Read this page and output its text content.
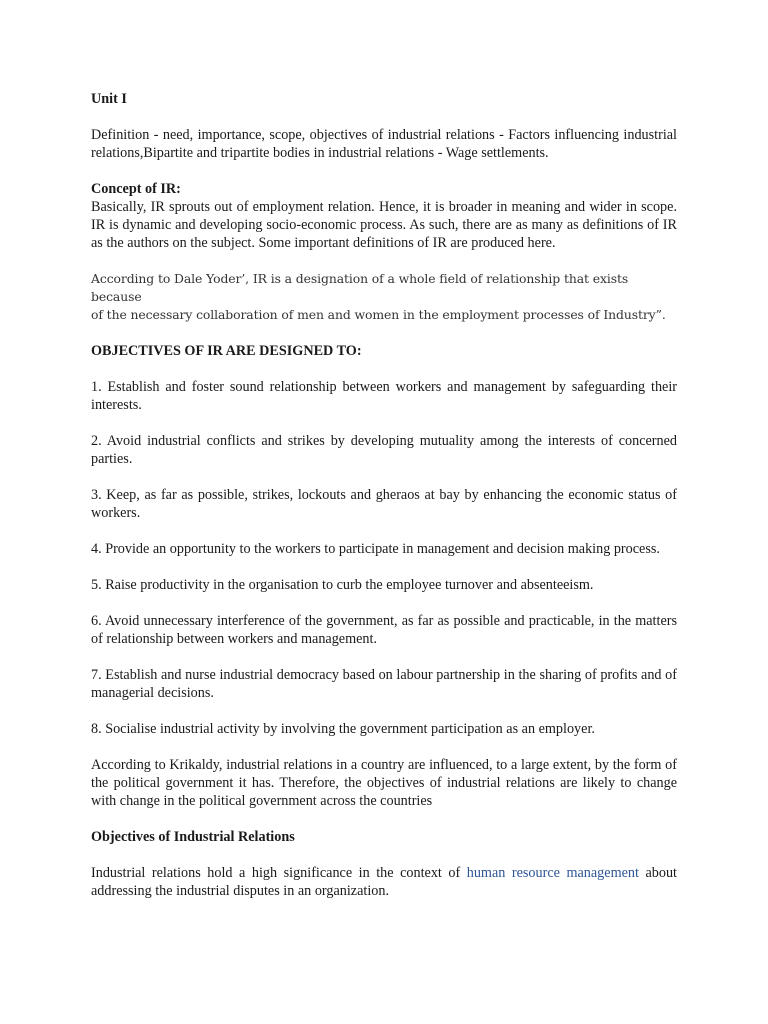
Unit I

Definition - need, importance, scope, objectives of industrial relations - Factors influencing industrial relations,Bipartite and tripartite bodies in industrial relations - Wage settlements.

Concept of IR:

Basically, IR sprouts out of employment relation. Hence, it is broader in meaning and wider in scope. IR is dynamic and developing socio-economic process. As such, there are as many as definitions of IR as the authors on the subject. Some important definitions of IR are produced here.

According to Dale Yoder’, IR is a designation of a whole field of relationship that exists because
of the necessary collaboration of men and women in the employment processes of Industry”.

OBJECTIVES OF IR ARE DESIGNED TO:

1. Establish and foster sound relationship between workers and management by safeguarding their interests.

2. Avoid industrial conflicts and strikes by developing mutuality among the interests of concerned parties.

3. Keep, as far as possible, strikes, lockouts and gheraos at bay by enhancing the economic status of workers.

4. Provide an opportunity to the workers to participate in management and decision making process.

5. Raise productivity in the organisation to curb the employee turnover and absenteeism.

6. Avoid unnecessary interference of the government, as far as possible and practicable, in the matters of relationship between workers and management.

7. Establish and nurse industrial democracy based on labour partnership in the sharing of profits and of managerial decisions.

8. Socialise industrial activity by involving the government participation as an employer.

According to Krikaldy, industrial relations in a country are influenced, to a large extent, by the form of the political government it has. Therefore, the objectives of industrial relations are likely to change with change in the political government across the countries

Objectives of Industrial Relations

Industrial relations hold a high significance in the context of human resource management about addressing the industrial disputes in an organization.
